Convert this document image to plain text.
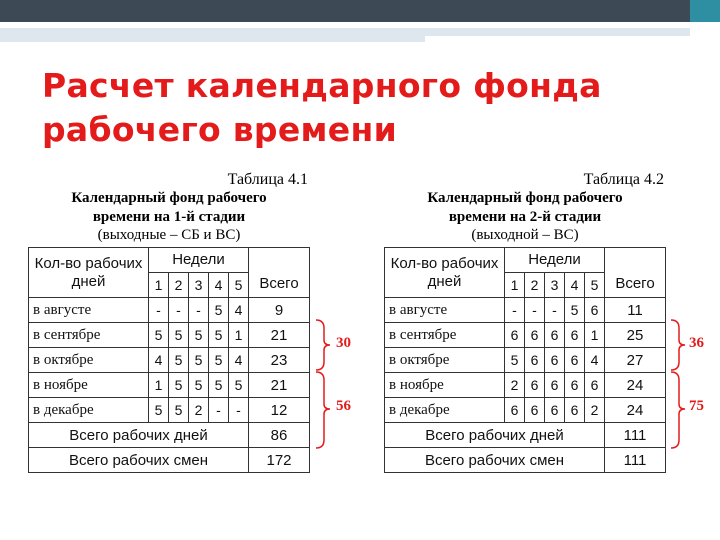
Расчет календарного фонда
рабочего времени
Таблица 4.1
Календарный фонд рабочего
времени на 1-й стадии
(выходные – СБ и ВС)
Кол-во рабочих дней	Недели					Всего
	1	2	3	4	5	
в августе	-	-	-	5	4	9
в сентябре	5	5	5	5	1	21
в октябре	4	5	5	5	4	23
в ноябре	1	5	5	5	5	21
в декабре	5	5	2	-	-	12
Всего рабочих дней						86
Всего рабочих смен						172
Таблица 4.2
Календарный фонд рабочего
времени на 2-й стадии
(выходной – ВС)
Кол-во рабочих дней	Недели					Всего
	1	2	3	4	5	
в августе	-	-	-	5	6	11
в сентябре	6	6	6	6	1	25
в октябре	5	6	6	6	4	27
в ноябре	2	6	6	6	6	24
в декабре	6	6	6	6	2	24
Всего рабочих дней						111
Всего рабочих смен						111
30
56
36
75
